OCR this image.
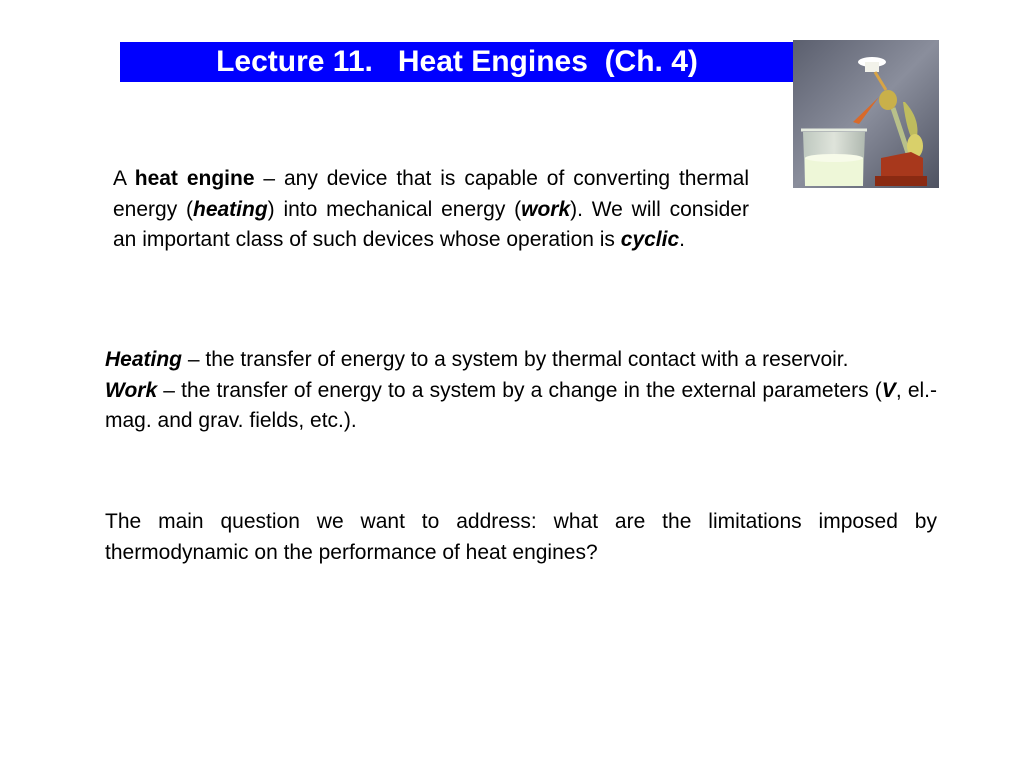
Lecture 11.   Heat Engines  (Ch. 4)
A heat engine – any device that is capable of converting thermal energy (heating) into mechanical energy (work). We will consider an important class of such devices whose operation is cyclic.

Heating – the transfer of energy to a system by thermal contact with a reservoir.

Work – the transfer of energy to a system by a change in the external parameters (V, el.-mag. and grav. fields, etc.).

The main question we want to address: what are the limitations imposed by thermodynamic on the performance of heat engines?
